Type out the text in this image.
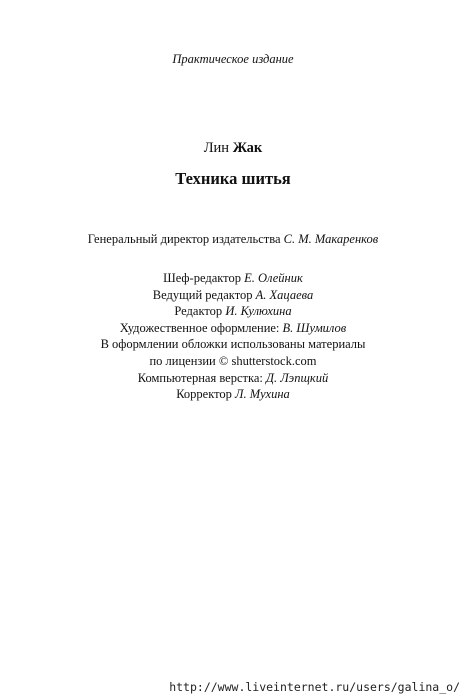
Практическое издание
Лин Жак
Техника шитья
Генеральный директор издательства С. М. Макаренков
Шеф-редактор Е. Олейник
Ведущий редактор А. Хацаева
Редактор И. Кулюхина
Художественное оформление: В. Шумилов
В оформлении обложки использованы материалы
по лицензии © shutterstock.com
Компьютерная верстка: Д. Лэпщкий
Корректор Л. Мухина
http://www.liveinternet.ru/users/galina_o/
